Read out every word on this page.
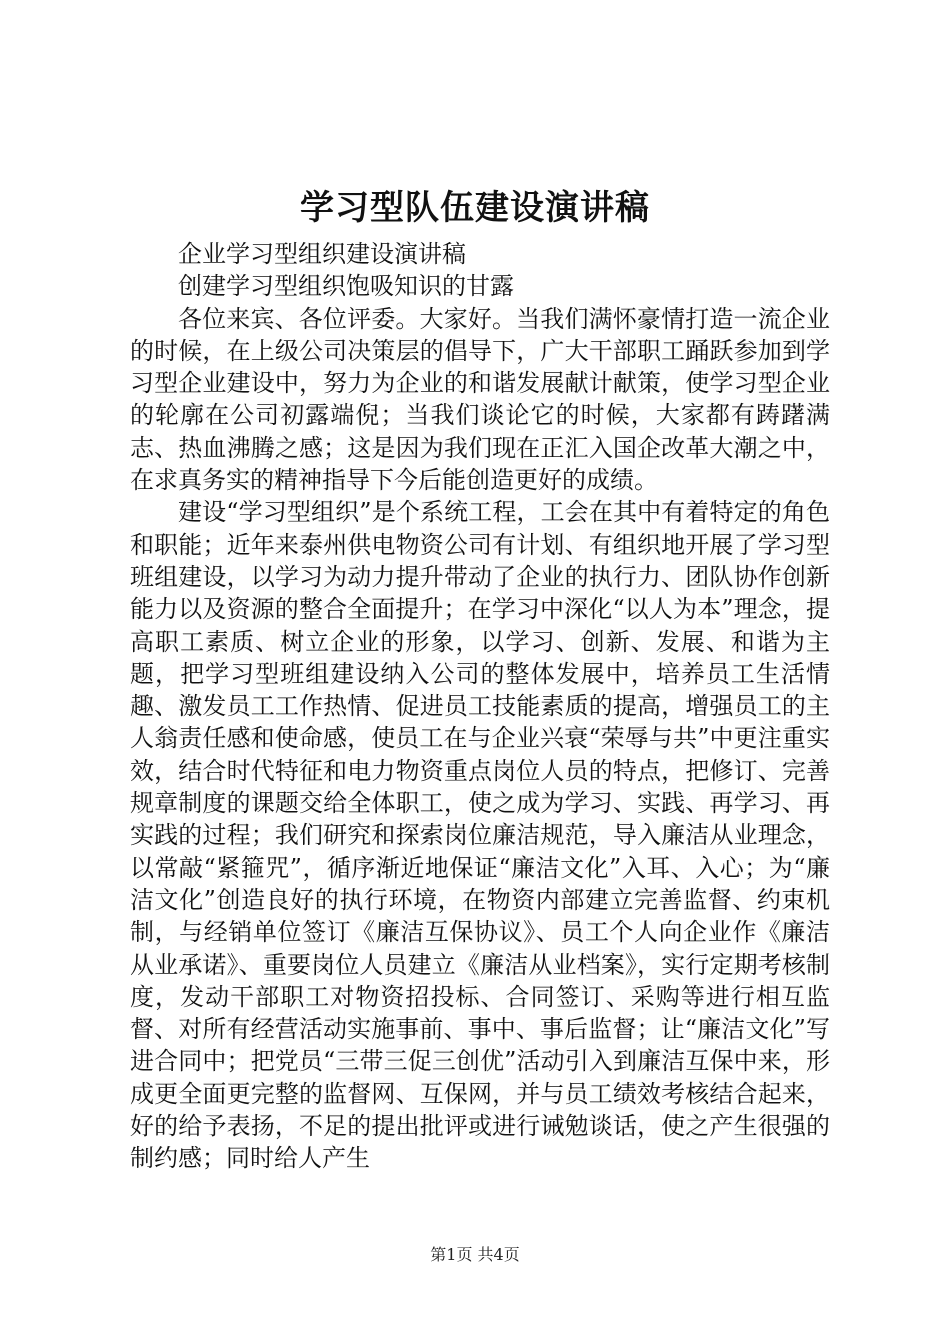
学习型队伍建设演讲稿

企业学习型组织建设演讲稿

创建学习型组织饱吸知识的甘露

各位来宾、各位评委。大家好。当我们满怀豪情打造一流企业的时候，在上级公司决策层的倡导下，广大干部职工踊跃参加到学习型企业建设中，努力为企业的和谐发展献计献策，使学习型企业的轮廓在公司初露端倪；当我们谈论它的时候，大家都有踌躇满志、热血沸腾之感；这是因为我们现在正汇入国企改革大潮之中，在求真务实的精神指导下今后能创造更好的成绩。

建设“学习型组织”是个系统工程，工会在其中有着特定的角色和职能；近年来泰州供电物资公司有计划、有组织地开展了学习型班组建设，以学习为动力提升带动了企业的执行力、团队协作创新能力以及资源的整合全面提升；在学习中深化“以人为本”理念，提高职工素质、树立企业的形象，以学习、创新、发展、和谐为主题，把学习型班组建设纳入公司的整体发展中，培养员工生活情趣、激发员工工作热情、促进员工技能素质的提高，增强员工的主人翁责任感和使命感，使员工在与企业兴衰“荣辱与共”中更注重实效，结合时代特征和电力物资重点岗位人员的特点，把修订、完善规章制度的课题交给全体职工，使之成为学习、实践、再学习、再实践的过程；我们研究和探索岗位廉洁规范，导入廉洁从业理念，以常敲“紧箍咒”，循序渐近地保证“廉洁文化”入耳、入心；为“廉洁文化”创造良好的执行环境，在物资内部建立完善监督、约束机制，与经销单位签订《廉洁互保协议》、员工个人向企业作《廉洁从业承诺》、重要岗位人员建立《廉洁从业档案》，实行定期考核制度，发动干部职工对物资招投标、合同签订、采购等进行相互监督、对所有经营活动实施事前、事中、事后监督；让“廉洁文化”写进合同中；把党员“三带三促三创优”活动引入到廉洁互保中来，形成更全面更完整的监督网、互保网，并与员工绩效考核结合起来，好的给予表扬，不足的提出批评或进行诫勉谈话，使之产生很强的制约感；同时给人产生

第1页 共4页
